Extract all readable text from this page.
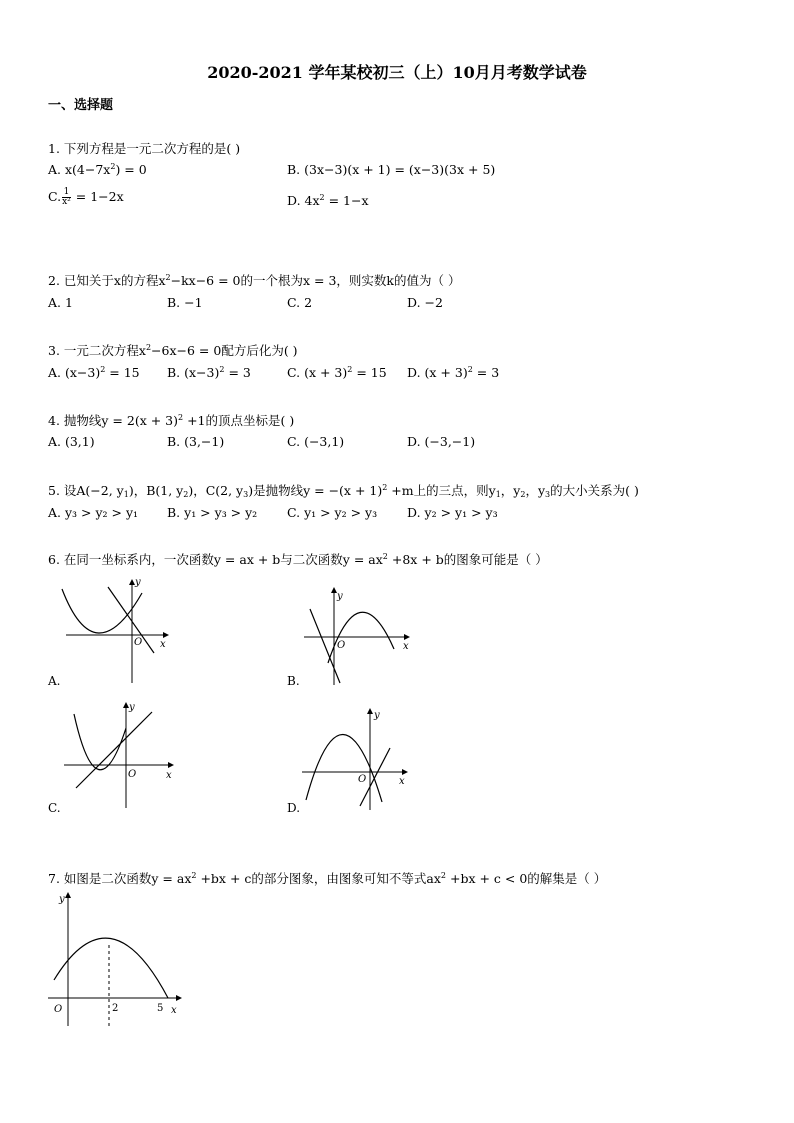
2020-2021 学年某校初三（上）10月月考数学试卷
一、选择题
1. 下列方程是一元二次方程的是( )
A. $x(4-7x^2) = 0$	B. (3x−3)(x + 1) = (x−3)(3x + 5)
C. $\frac{1}{\text{x²}} = 1-2x$	D. $4x^2 = 1-x$
2. 已知关于x的方程$x^2-kx-6 = 0$的一个根为x = 3，则实数k的值为（ ）
A. 1	B. −1	C. 2	D. −2
3. 一元二次方程$x^2-6x-6 = 0$配方后化为( )
A. $(x-3)^2 = 15$ B. $(x-3)^2 = 3$	C. $(x + 3)^2 = 15$ D. $(x + 3)^2 = 3$
4. 抛物线$y = 2(x + 3)^2 +1$的顶点坐标是( )
A. (3,1)	B. (3,−1)	C. (−3,1)	D. (−3,−1)
5. 设A(−2, $y_1$)，B(1, $y_2$)，C(2, $y_3$)是抛物线$y = -(x + 1)^2 +m$上的三点，则$y_1$，$y_2$，$y_3$的大小关系为( )
A. y₃ > y₂ > y₁ B. y₁ > y₃ > y₂ C. y₁ > y₂ > y₃ D. y₂ > y₁ > y₃
6. 在同一坐标系内，一次函数y = ax + b与二次函数$y = ax^2 +8x + b$的图象可能是（ ）
y
O x
A.
y
O	x
B.
y
O	x
C.
y
O	x
D.
7. 如图是二次函数$y = ax^2 +bx + c$的部分图象，由图象可知不等式$ax^2 +bx + c < 0$的解集是（ ）
y
O	2	5 x
